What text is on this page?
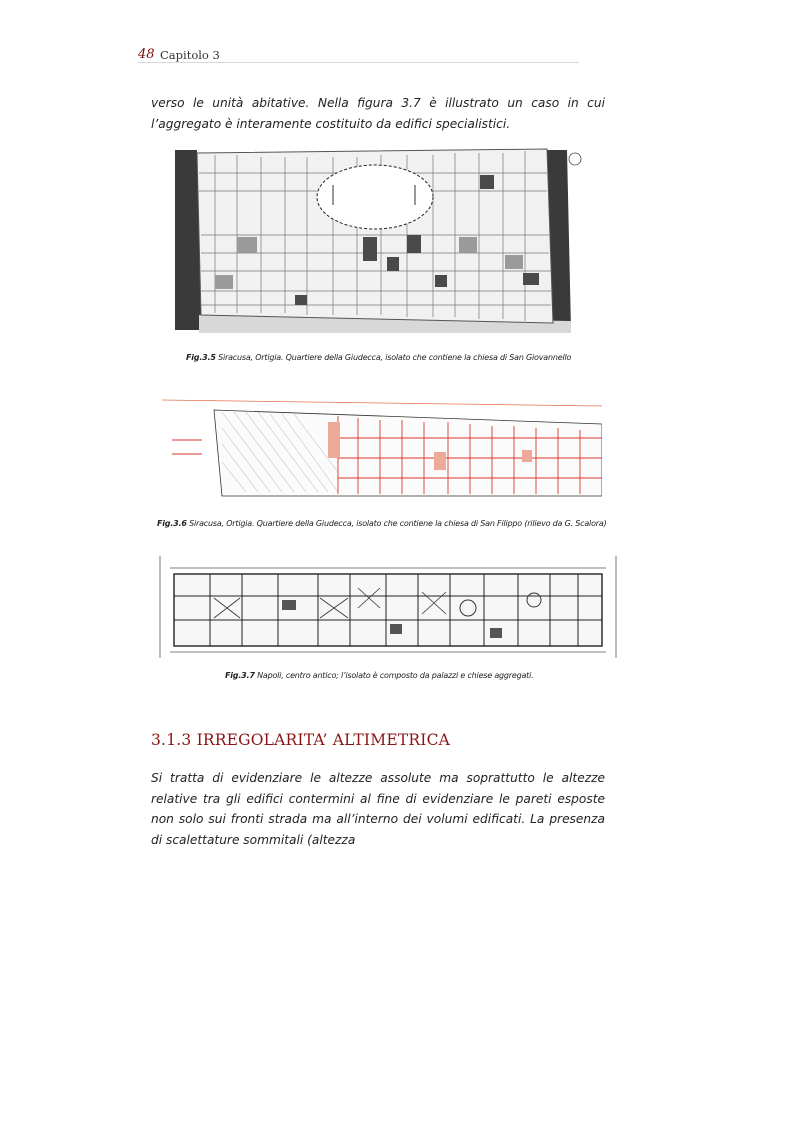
48 Capitolo 3

verso le unità abitative. Nella figura 3.7 è illustrato un caso in cui l’aggregato è interamente costituito da edifici specialistici.

Fig.3.5 Siracusa, Ortigia. Quartiere della Giudecca, isolato che contiene la chiesa di San Giovannello
Fig.3.6 Siracusa, Ortigia. Quartiere della Giudecca, isolato che contiene la chiesa di San Filippo (rilievo da G. Scalora)
Fig.3.7 Napoli, centro antico; l’isolato è composto da palazzi e chiese aggregati.
3.1.3 IRREGOLARITA’ ALTIMETRICA

Si tratta di evidenziare le altezze assolute ma soprattutto le altezze relative tra gli edifici contermini al fine di evidenziare le pareti esposte non solo sui fronti strada ma all’interno dei volumi edificati. La presenza di scalettature sommitali (altezza
